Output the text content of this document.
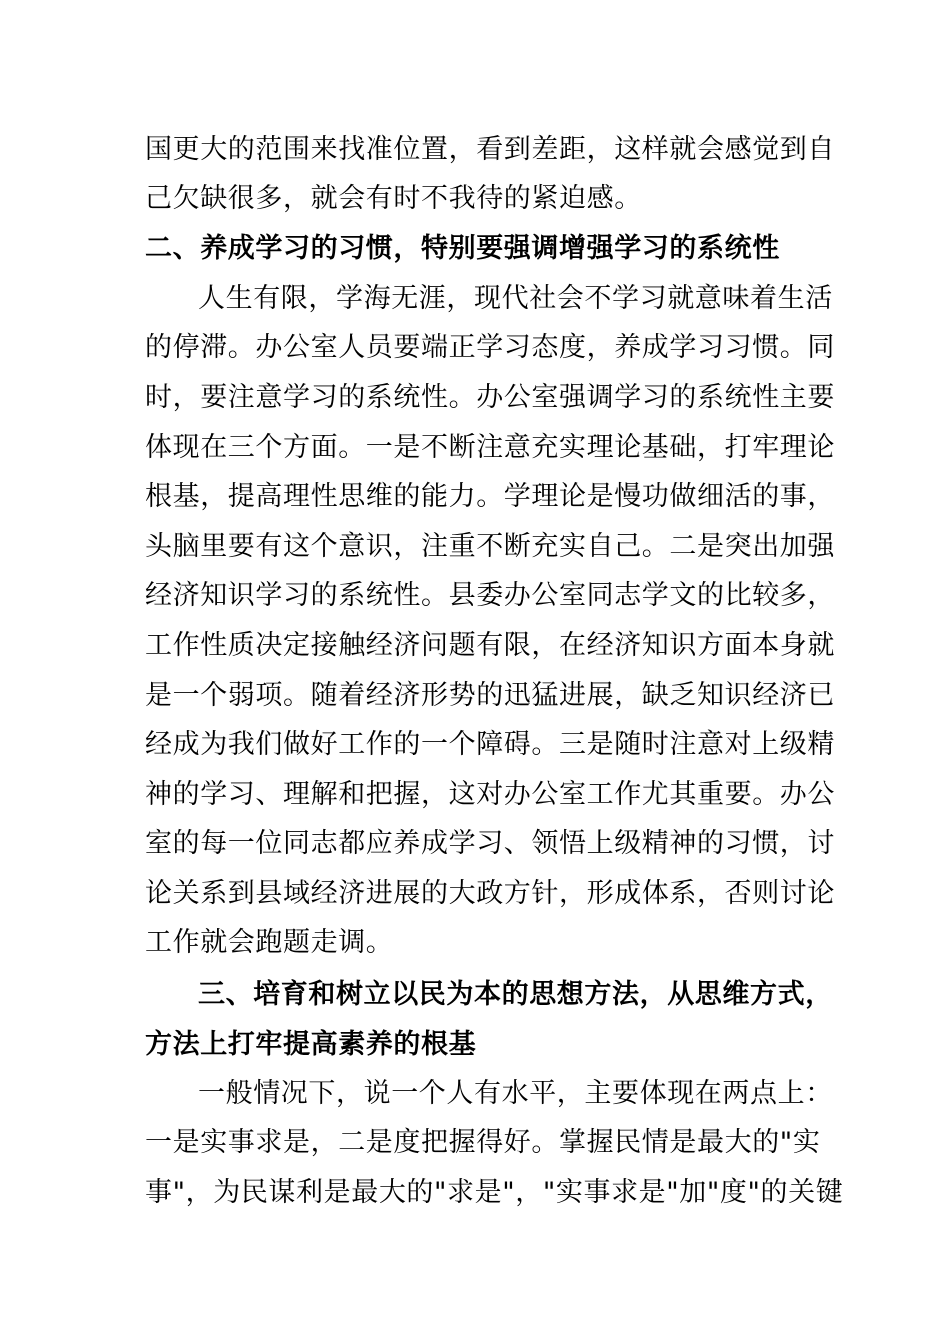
国更大的范围来找准位置，看到差距，这样就会感觉到自
己欠缺很多，就会有时不我待的紧迫感。
二、养成学习的习惯，特别要强调增强学习的系统性
人生有限，学海无涯，现代社会不学习就意味着生活
的停滞。办公室人员要端正学习态度，养成学习习惯。同
时，要注意学习的系统性。办公室强调学习的系统性主要
体现在三个方面。一是不断注意充实理论基础，打牢理论
根基，提高理性思维的能力。学理论是慢功做细活的事，
头脑里要有这个意识，注重不断充实自己。二是突出加强
经济知识学习的系统性。县委办公室同志学文的比较多，
工作性质决定接触经济问题有限，在经济知识方面本身就
是一个弱项。随着经济形势的迅猛进展，缺乏知识经济已
经成为我们做好工作的一个障碍。三是随时注意对上级精
神的学习、理解和把握，这对办公室工作尤其重要。办公
室的每一位同志都应养成学习、领悟上级精神的习惯，讨
论关系到县域经济进展的大政方针，形成体系，否则讨论
工作就会跑题走调。
三、培育和树立以民为本的思想方法，从思维方式，
方法上打牢提高素养的根基
一般情况下，说一个人有水平，主要体现在两点上：
一是实事求是，二是度把握得好。掌握民情是最大的"实
事"，为民谋利是最大的"求是"，"实事求是"加"度"的关键
